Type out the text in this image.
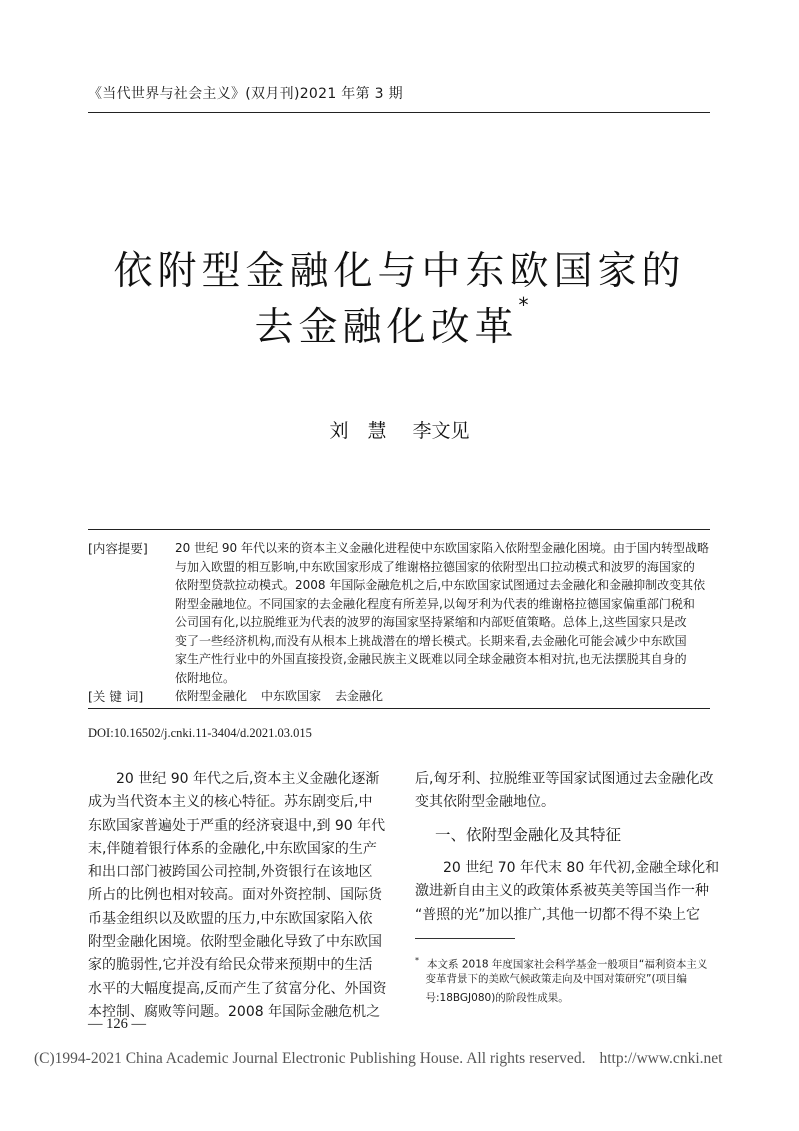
《当代世界与社会主义》(双月刊)2021 年第 3 期
依附型金融化与中东欧国家的
去金融化改革*
刘　慧 李文见
[内容提要] 20 世纪 90 年代以来的资本主义金融化进程使中东欧国家陷入依附型金融化困境。由于国内转型战略
与加入欧盟的相互影响,中东欧国家形成了维谢格拉德国家的依附型出口拉动模式和波罗的海国家的
依附型贷款拉动模式。2008 年国际金融危机之后,中东欧国家试图通过去金融化和金融抑制改变其依
附型金融地位。不同国家的去金融化程度有所差异,以匈牙利为代表的维谢格拉德国家偏重部门税和
公司国有化,以拉脱维亚为代表的波罗的海国家坚持紧缩和内部贬值策略。总体上,这些国家只是改
变了一些经济机构,而没有从根本上挑战潜在的增长模式。长期来看,去金融化可能会减少中东欧国
家生产性行业中的外国直接投资,金融民族主义既难以同全球金融资本相对抗,也无法摆脱其自身的
依附地位。
[关 键 词]	依附型金融化 中东欧国家 去金融化
DOI:10.16502/j.cnki.11-3404/d.2021.03.015
　　20 世纪 90 年代之后,资本主义金融化逐渐
成为当代资本主义的核心特征。苏东剧变后,中
东欧国家普遍处于严重的经济衰退中,到 90 年代
末,伴随着银行体系的金融化,中东欧国家的生产
和出口部门被跨国公司控制,外资银行在该地区
所占的比例也相对较高。面对外资控制、国际货
币基金组织以及欧盟的压力,中东欧国家陷入依
附型金融化困境。依附型金融化导致了中东欧国
家的脆弱性,它并没有给民众带来预期中的生活
水平的大幅度提高,反而产生了贫富分化、外国资
本控制、腐败等问题。2008 年国际金融危机之
后,匈牙利、拉脱维亚等国家试图通过去金融化改
变其依附型金融地位。
一、依附型金融化及其特征
　　20 世纪 70 年代末 80 年代初,金融全球化和
激进新自由主义的政策体系被英美等国当作一种
“普照的光”加以推广,其他一切都不得不染上它
* 本文系 2018 年度国家社会科学基金一般项目“福利资本主义
　变革背景下的美欧气候政策走向及中国对策研究”(项目编
　号:18BGJ080)的阶段性成果。
— 126 —
(C)1994-2021 China Academic Journal Electronic Publishing House. All rights reserved. http://www.cnki.net
